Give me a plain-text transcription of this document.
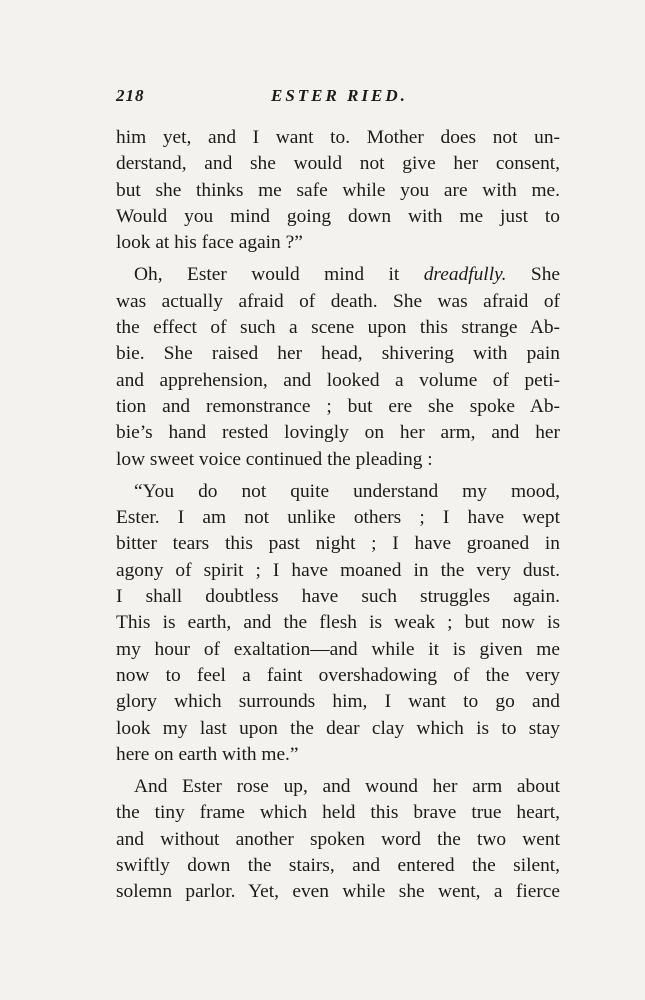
218	ESTER RIED.
him yet, and I want to. Mother does not un-
derstand, and she would not give her consent,
but she thinks me safe while you are with me.
Would you mind going down with me just to
look at his face again ?”
Oh, Ester would mind it dreadfully. She
was actually afraid of death. She was afraid of
the effect of such a scene upon this strange Ab-
bie. She raised her head, shivering with pain
and apprehension, and looked a volume of peti-
tion and remonstrance ; but ere she spoke Ab-
bie’s hand rested lovingly on her arm, and her
low sweet voice continued the pleading :
“You do not quite understand my mood,
Ester. I am not unlike others ; I have wept
bitter tears this past night ; I have groaned in
agony of spirit ; I have moaned in the very dust.
I shall doubtless have such struggles again.
This is earth, and the flesh is weak ; but now is
my hour of exaltation—and while it is given me
now to feel a faint overshadowing of the very
glory which surrounds him, I want to go and
look my last upon the dear clay which is to stay
here on earth with me.”
And Ester rose up, and wound her arm about
the tiny frame which held this brave true heart,
and without another spoken word the two went
swiftly down the stairs, and entered the silent,
solemn parlor. Yet, even while she went, a fierce
